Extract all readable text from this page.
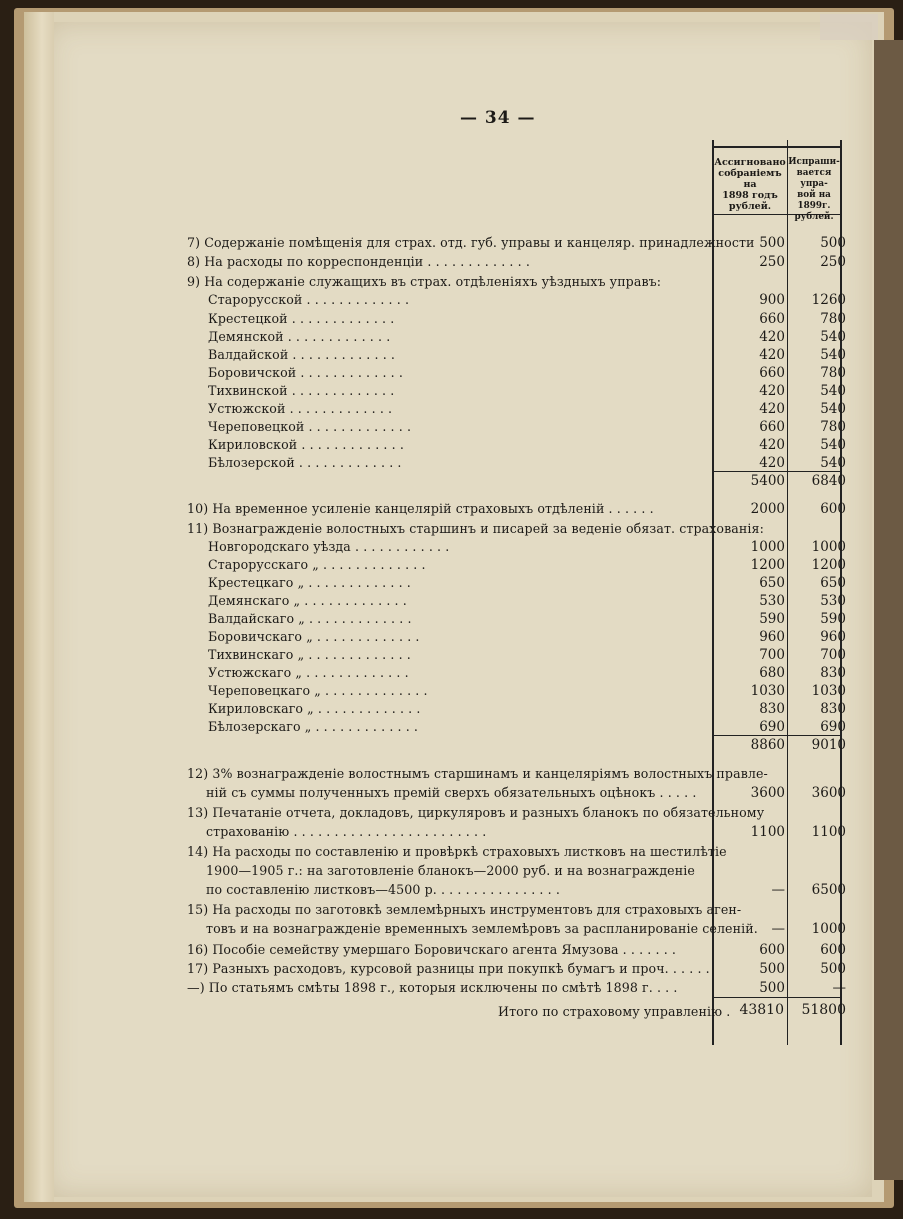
— 34 —
Ассигновано
собраніемъ на
1898 годъ
рублей.
Испраши-
вается упра-
вой на 1899г.
рублей.
7) Содержаніе помѣщенія для страх. отд. губ. управы и канцеляр. принадлежности 500	500
8) На расходы по корреспонденціи . . . . . . . . . . . . .	250	250
9) На содержаніе служащихъ въ страх. отдѣленіяхъ уѣздныхъ управъ:
Старорусской . . . . . . . . . . . . .	900	1260
Крестецкой . . . . . . . . . . . . .	660	780
Демянской . . . . . . . . . . . . .	420	540
Валдайской . . . . . . . . . . . . .	420	540
Боровичской . . . . . . . . . . . . .	660	780
Тихвинской . . . . . . . . . . . . .	420	540
Устюжской . . . . . . . . . . . . .	420	540
Череповецкой . . . . . . . . . . . . .	660	780
Кириловской . . . . . . . . . . . . .	420	540
Бѣлозерской . . . . . . . . . . . . .	420	540
5400	6840
10) На временное усиленіе канцелярій страховыхъ отдѣленій . . . . . .	2000	600
11) Вознагражденіе волостныхъ старшинъ и писарей за веденіе обязат. страхованія:
Новгородскаго уѣзда . . . . . . . . . . . .	1000	1000
Старорусскаго „ . . . . . . . . . . . . .	1200	1200
Крестецкаго „ . . . . . . . . . . . . .	650	650
Демянскаго „ . . . . . . . . . . . . .	530	530
Валдайскаго „ . . . . . . . . . . . . .	590	590
Боровичскаго „ . . . . . . . . . . . . .	960	960
Тихвинскаго „ . . . . . . . . . . . . .	700	700
Устюжскаго „ . . . . . . . . . . . . .	680	830
Череповецкаго „ . . . . . . . . . . . . .	1030	1030
Кириловскаго „ . . . . . . . . . . . . .	830	830
Бѣлозерскаго „ . . . . . . . . . . . . .	690	690
8860	9010
12) 3% вознагражденіе волостнымъ старшинамъ и канцеляріямъ волостныхъ правле-
ній съ суммы полученныхъ премій сверхъ обязательныхъ оцѣнокъ . . . . .	3600	3600
13) Печатаніе отчета, докладовъ, циркуляровъ и разныхъ бланокъ по обязательному
страхованію . . . . . . . . . . . . . . . . . . . . . . . .	1100	1100
14) На расходы по составленію и провѣркѣ страховыхъ листковъ на шестилѣтіе
1900—1905 г.: на заготовленіе бланокъ—2000 руб. и на вознагражденіе
по составленію листковъ—4500 р. . . . . . . . . . . . . . . .	—	6500
15) На расходы по заготовкѣ землемѣрныхъ инструментовъ для страховыхъ аген-
товъ и на вознагражденіе временныхъ землемѣровъ за распланированіе селеній.	—	1000
16) Пособіе семейству умершаго Боровичскаго агента Ямузова . . . . . . .	600	600
17) Разныхъ расходовъ, курсовой разницы при покупкѣ бумагъ и проч. . . . . .	500	500
—) По статьямъ смѣты 1898 г., которыя исключены по смѣтѣ 1898 г. . . .	500	—
Итого по страховому управленію . 43810	51800
